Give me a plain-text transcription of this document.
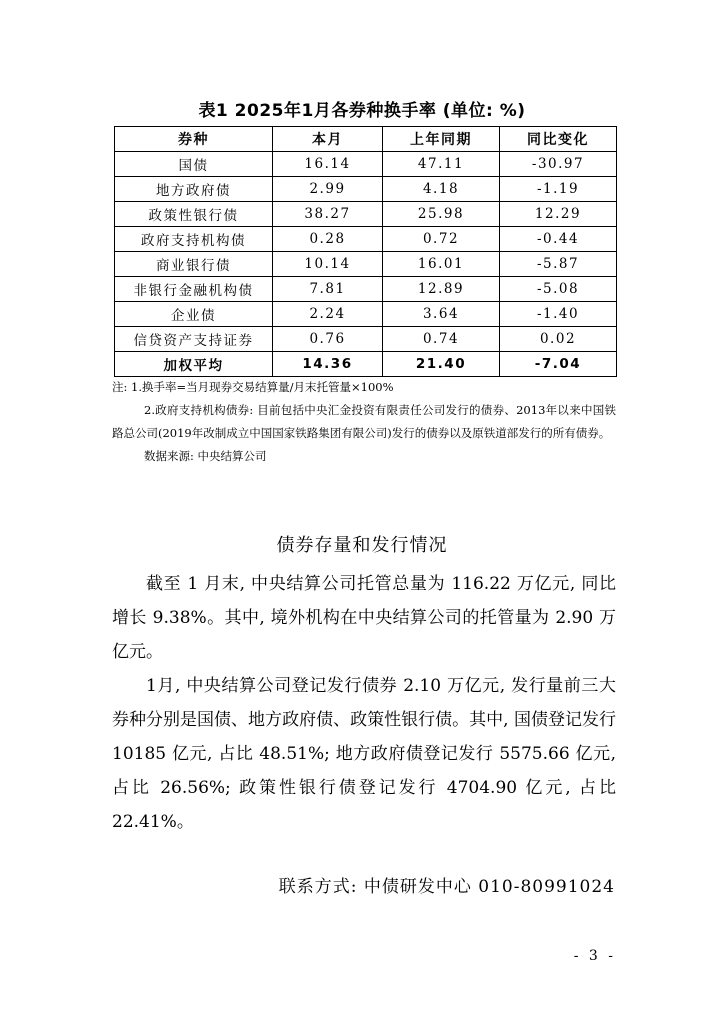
表1 2025年1月各券种换手率 (单位: %)
券种	本月	上年同期	同比变化
国债	16.14	47.11	-30.97
地方政府债	2.99	4.18	-1.19
政策性银行债	38.27	25.98	12.29
政府支持机构债	0.28	0.72	-0.44
商业银行债	10.14	16.01	-5.87
非银行金融机构债	7.81	12.89	-5.08
企业债	2.24	3.64	-1.40
信贷资产支持证券	0.76	0.74	0.02
加权平均	14.36	21.40	-7.04

注: 1.换手率=当月现券交易结算量/月末托管量×100%

2.政府支持机构债券: 目前包括中央汇金投资有限责任公司发行的债券、2013年以来中国铁路总公司(2019年改制成立中国国家铁路集团有限公司)发行的债券以及原铁道部发行的所有债券。

数据来源: 中央结算公司

债券存量和发行情况

截至 1 月末, 中央结算公司托管总量为 116.22 万亿元, 同比增长 9.38%。其中, 境外机构在中央结算公司的托管量为 2.90 万亿元。

1月, 中央结算公司登记发行债券 2.10 万亿元, 发行量前三大券种分别是国债、地方政府债、政策性银行债。其中, 国债登记发行 10185 亿元, 占比 48.51%; 地方政府债登记发行 5575.66 亿元, 占比 26.56%; 政策性银行债登记发行 4704.90 亿元, 占比 22.41%。

联系方式: 中债研发中心 010-80991024
- 3 -
